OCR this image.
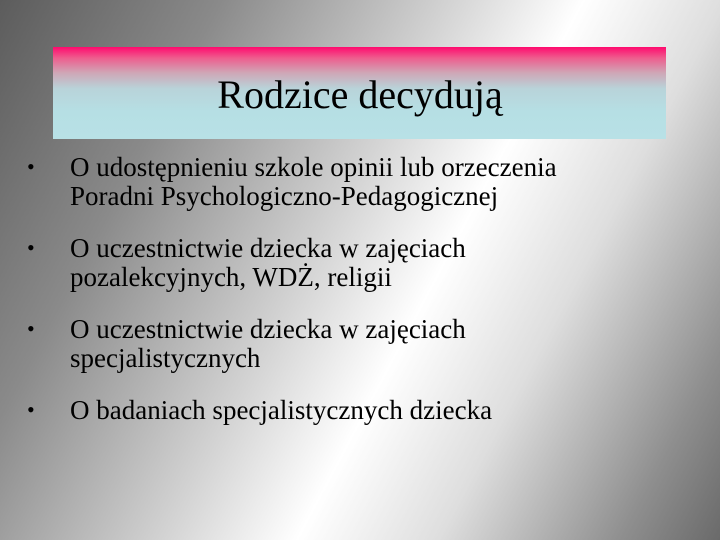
Rodzice decydują
•	O udostępnieniu szkole opinii lub orzeczenia
Poradni Psychologiczno-Pedagogicznej
•	O uczestnictwie dziecka w zajęciach
pozalekcyjnych, WDŻ, religii
•	O uczestnictwie dziecka w zajęciach
specjalistycznych
•	O badaniach specjalistycznych dziecka
